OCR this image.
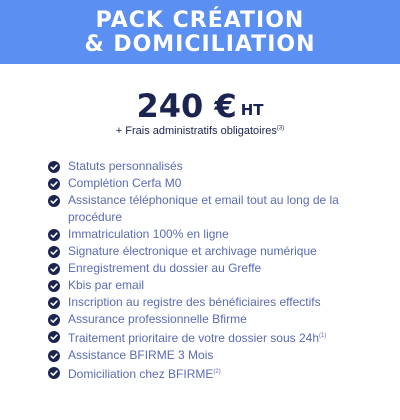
PACK CRÉATION
& DOMICILIATION
240 € $^{HT}$
+ Frais administratifs obligatoires$^{(3)}$
Statuts personnalisés
Complétion Cerfa M0
Assistance téléphonique et email tout au long de la procédure
Immatriculation 100% en ligne
Signature électronique et archivage numérique
Enregistrement du dossier au Greffe
Kbis par email
Inscription au registre des bénéficiaires effectifs
Assurance professionnelle Bfirme
Traitement prioritaire de votre dossier sous $24h^{(1)}$
Assistance BFIRME 3 Mois
Domiciliation chez BFIRME$^{(2)}$
